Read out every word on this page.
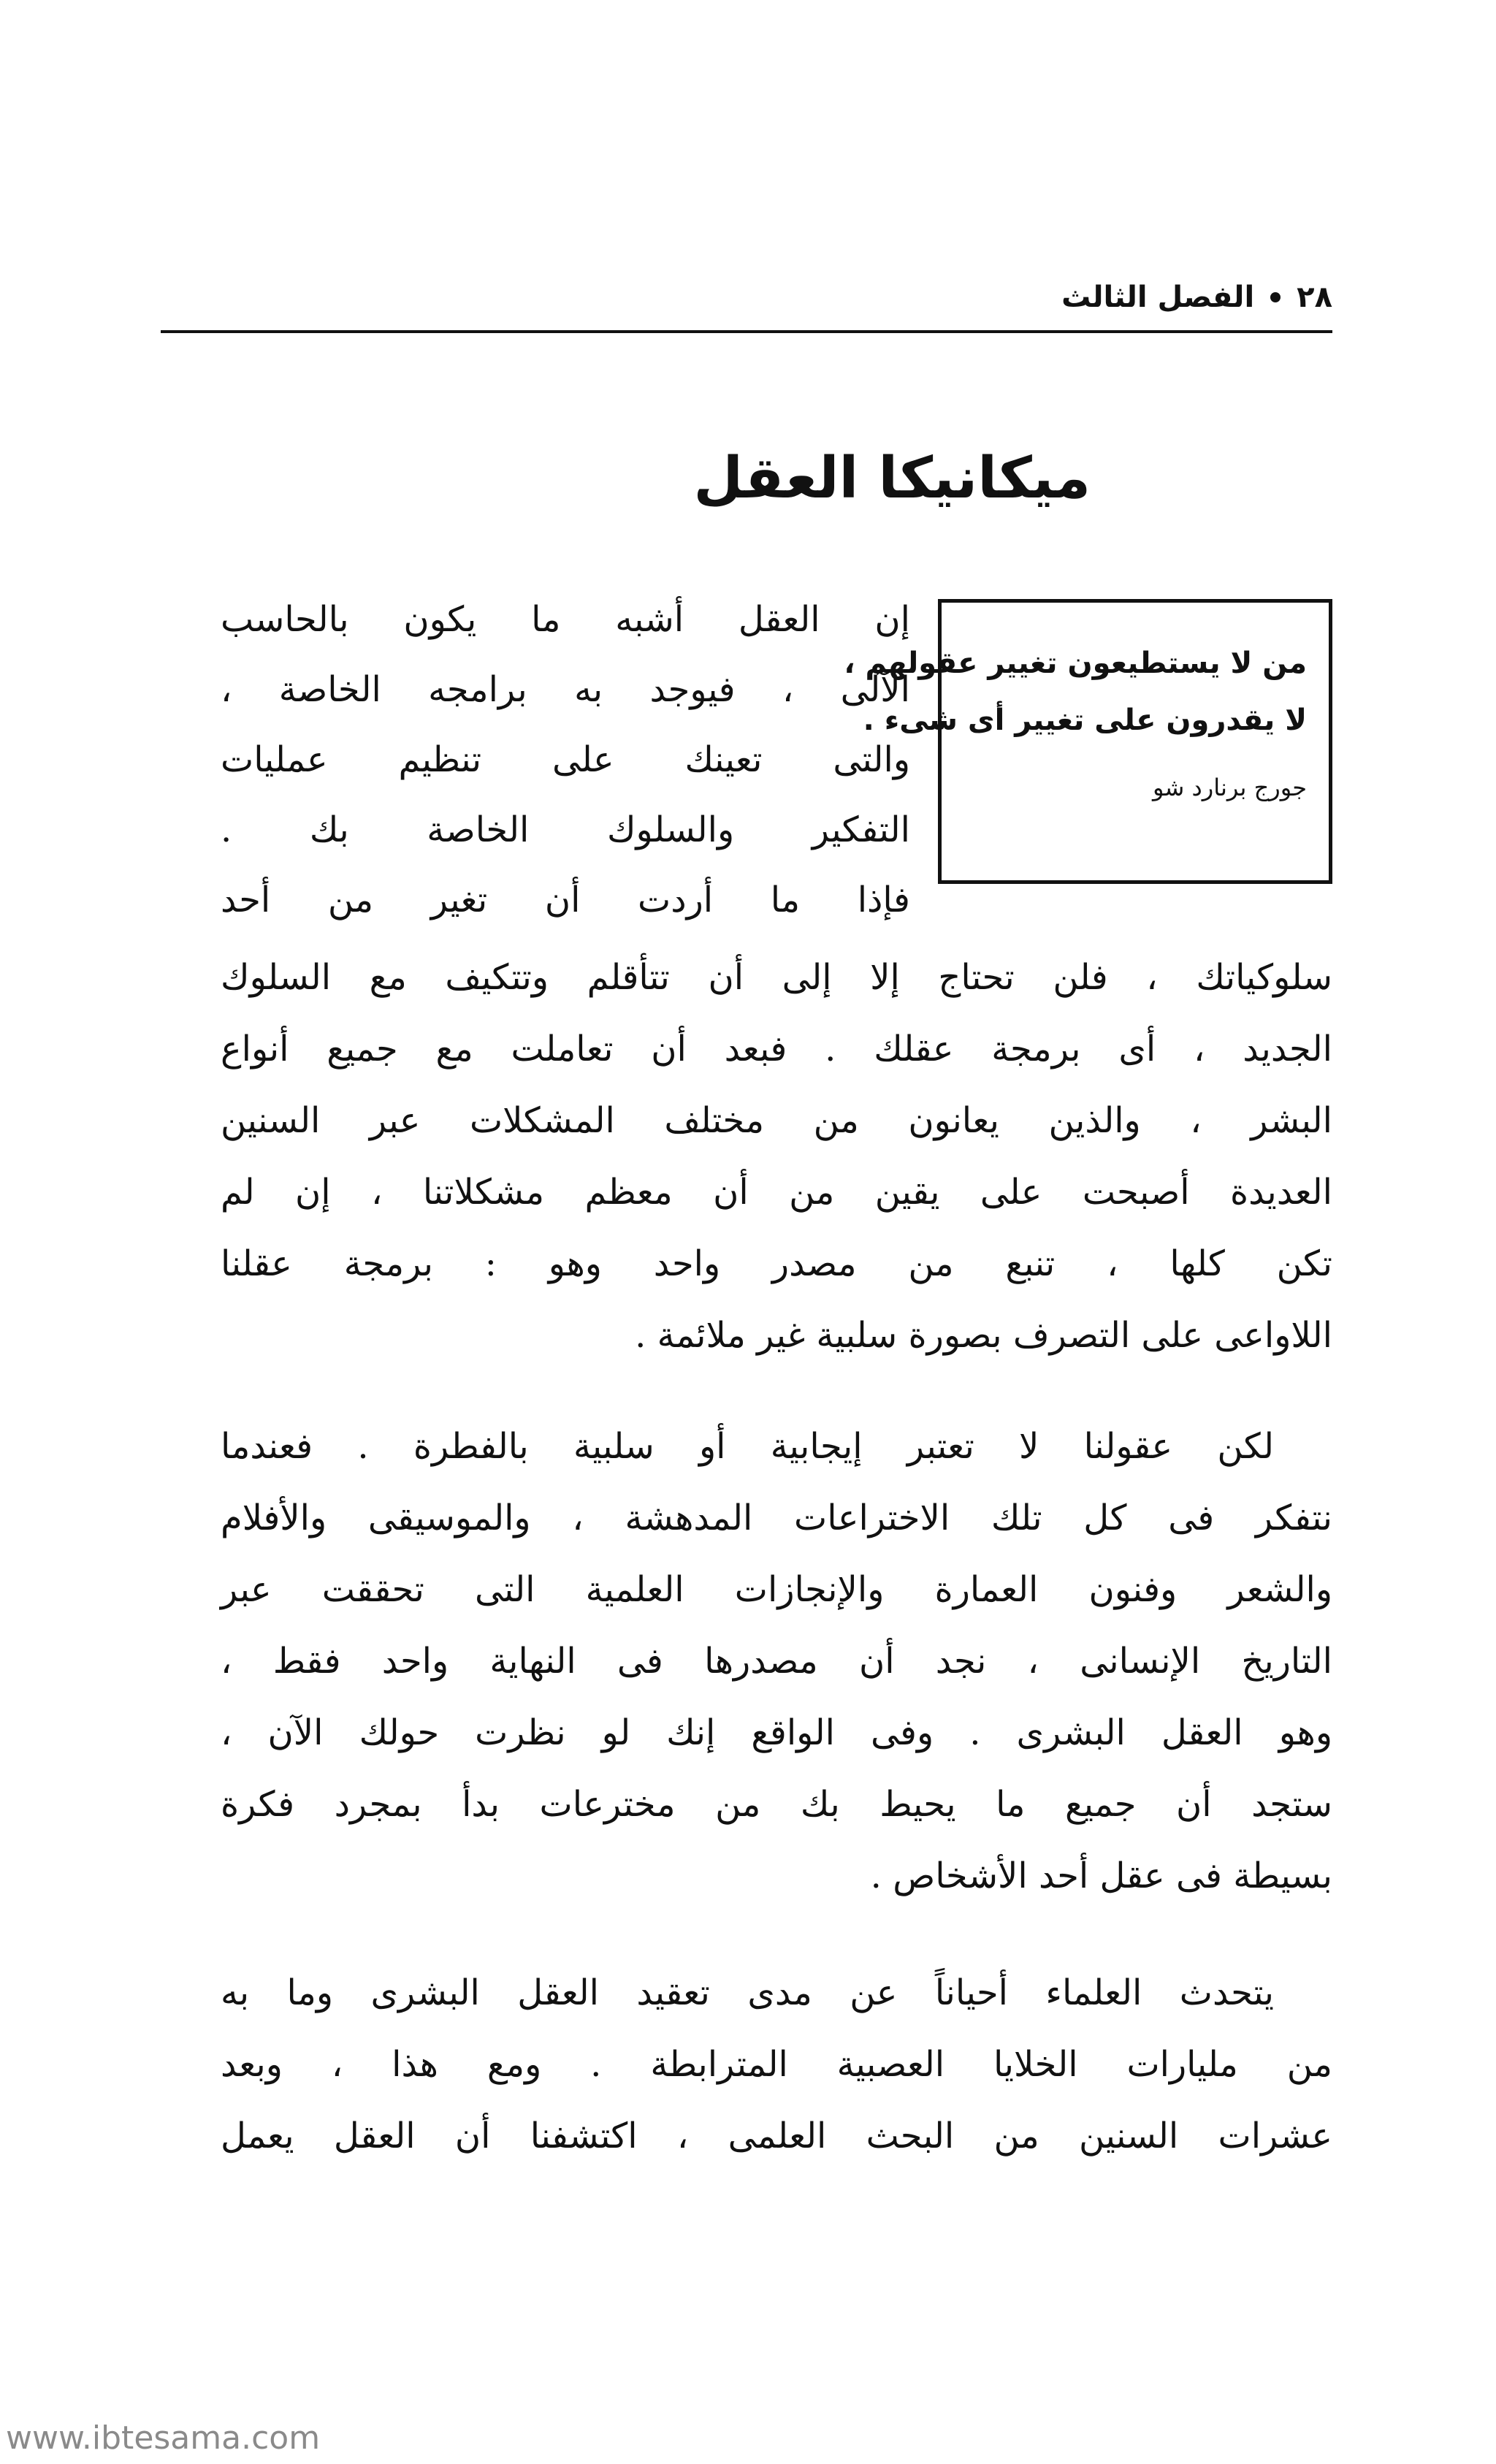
٢٨
الفصل الثالث
ميكانيكا العقل

من لا يستطيعون تغيير عقولهم ،

لا يقدرون على تغيير أى شىء .

جورج برنارد شو

إن العقل أشبه ما يكون بالحاسب

الآلى ، فيوجد به برامجه الخاصة ،

والتى تعينك على تنظيم عمليات

التفكير والسلوك الخاصة بك .

فإذا ما أردت أن تغير من أحد

سلوكياتك ، فلن تحتاج إلا إلى أن تتأقلم وتتكيف مع السلوك

الجديد ، أى برمجة عقلك . فبعد أن تعاملت مع جميع أنواع

البشر ، والذين يعانون من مختلف المشكلات عبر السنين

العديدة أصبحت على يقين من أن معظم مشكلاتنا ، إن لم

تكن كلها ، تنبع من مصدر واحد وهو : برمجة عقلنا

اللاواعى على التصرف بصورة سلبية غير ملائمة .

لكن عقولنا لا تعتبر إيجابية أو سلبية بالفطرة . فعندما

نتفكر فى كل تلك الاختراعات المدهشة ، والموسيقى والأفلام

والشعر وفنون العمارة والإنجازات العلمية التى تحققت عبر

التاريخ الإنسانى ، نجد أن مصدرها فى النهاية واحد فقط ،

وهو العقل البشرى . وفى الواقع إنك لو نظرت حولك الآن ،

ستجد أن جميع ما يحيط بك من مخترعات بدأ بمجرد فكرة

بسيطة فى عقل أحد الأشخاص .

يتحدث العلماء أحياناً عن مدى تعقيد العقل البشرى وما به

من مليارات الخلايا العصبية المترابطة . ومع هذا ، وبعد

عشرات السنين من البحث العلمى ، اكتشفنا أن العقل يعمل

www.ibtesama.com
